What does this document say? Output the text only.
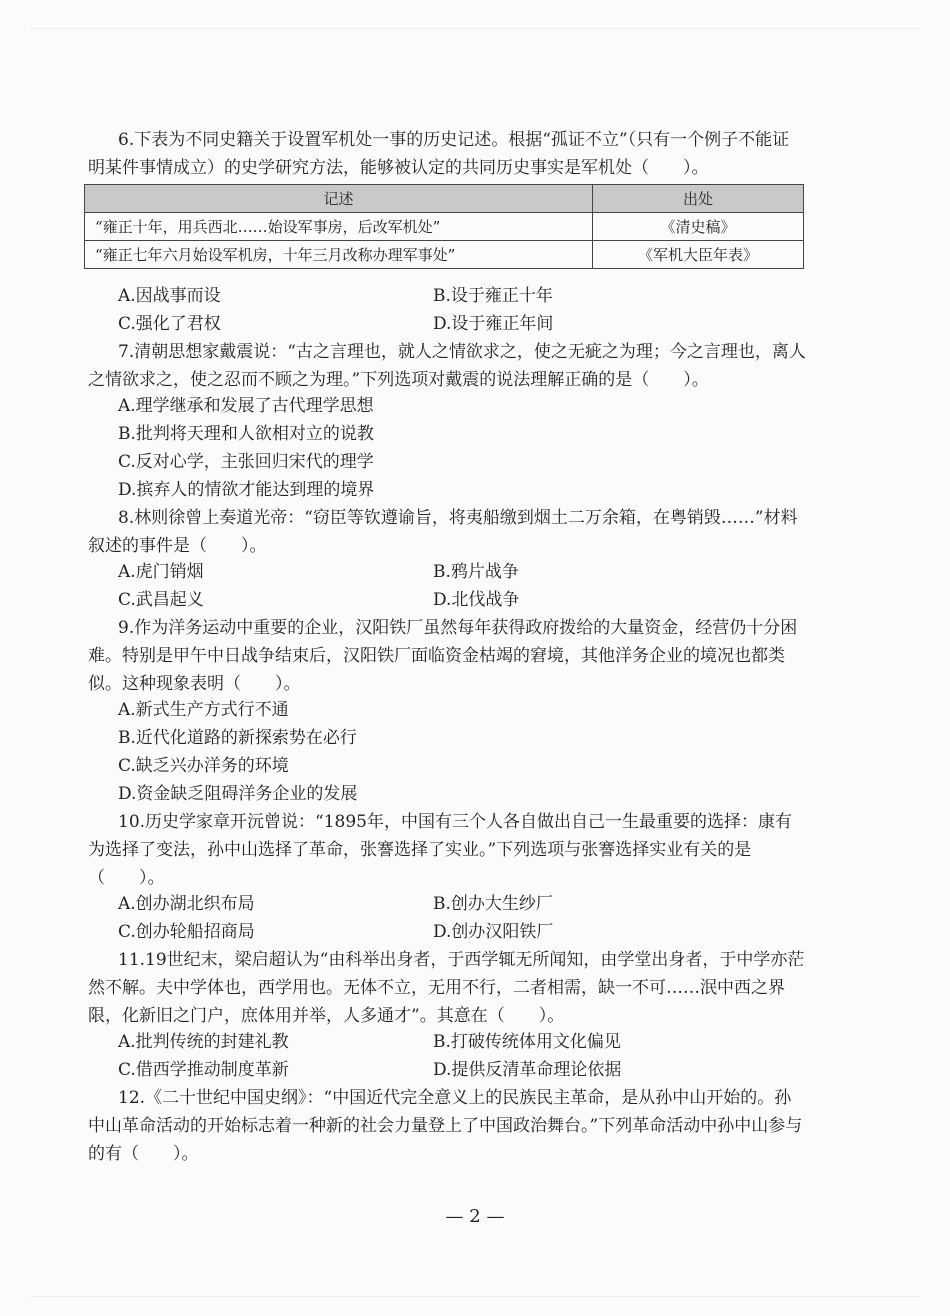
6.下表为不同史籍关于设置军机处一事的历史记述。根据“孤证不立”（只有一个例子不能证明某件事情成立）的史学研究方法，能够被认定的共同历史事实是军机处（　　）。

记述	出处
“雍正十年，用兵西北……始设军事房，后改军机处”	《清史稿》
“雍正七年六月始设军机房，十年三月改称办理军事处”	《军机大臣年表》
A.因战事而设	B.设于雍正十年
C.强化了君权	D.设于雍正年间

7.清朝思想家戴震说：“古之言理也，就人之情欲求之，使之无疵之为理；今之言理也，离人之情欲求之，使之忍而不顾之为理。”下列选项对戴震的说法理解正确的是（　　）。

A.理学继承和发展了古代理学思想
B.批判将天理和人欲相对立的说教
C.反对心学，主张回归宋代的理学
D.摈弃人的情欲才能达到理的境界

8.林则徐曾上奏道光帝：“窃臣等钦遵谕旨，将夷船缴到烟土二万余箱，在粤销毁……”材料叙述的事件是（　　）。

A.虎门销烟	B.鸦片战争
C.武昌起义	D.北伐战争

9.作为洋务运动中重要的企业，汉阳铁厂虽然每年获得政府拨给的大量资金，经营仍十分困难。特别是甲午中日战争结束后，汉阳铁厂面临资金枯竭的窘境，其他洋务企业的境况也都类似。这种现象表明（　　）。

A.新式生产方式行不通
B.近代化道路的新探索势在必行
C.缺乏兴办洋务的环境
D.资金缺乏阻碍洋务企业的发展

10.历史学家章开沅曾说：“1895年，中国有三个人各自做出自己一生最重要的选择：康有为选择了变法，孙中山选择了革命，张謇选择了实业。”下列选项与张謇选择实业有关的是（　　）。

A.创办湖北织布局	B.创办大生纱厂
C.创办轮船招商局	D.创办汉阳铁厂

11.19世纪末，梁启超认为“由科举出身者，于西学辄无所闻知，由学堂出身者，于中学亦茫然不解。夫中学体也，西学用也。无体不立，无用不行，二者相需，缺一不可……泯中西之界限，化新旧之门户，庶体用并举，人多通才”。其意在（　　）。

A.批判传统的封建礼教	B.打破传统体用文化偏见
C.借西学推动制度革新	D.提供反清革命理论依据

12.《二十世纪中国史纲》：“中国近代完全意义上的民族民主革命，是从孙中山开始的。孙中山革命活动的开始标志着一种新的社会力量登上了中国政治舞台。”下列革命活动中孙中山参与的有（　　）。

— 2 —
